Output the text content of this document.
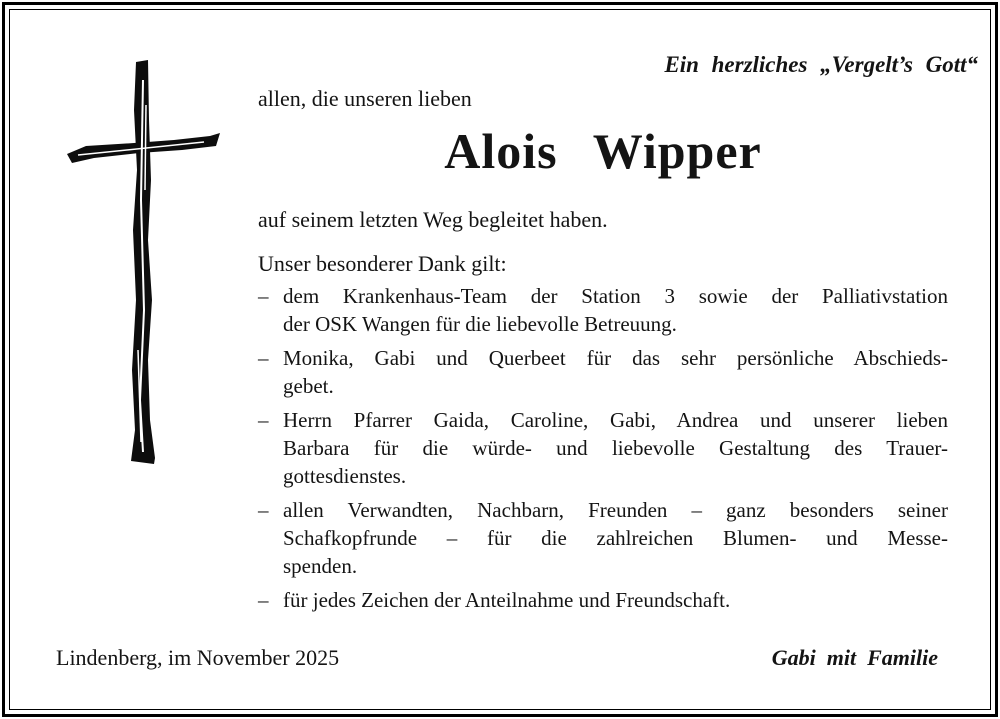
Ein herzliches „Vergelt’s Gott“
allen, die unseren lieben
Alois Wipper
auf seinem letzten Weg begleitet haben.
Unser besonderer Dank gilt:
– dem Krankenhaus-Team der Station 3 sowie der Palliativstation
der OSK Wangen für die liebevolle Betreuung.
– Monika, Gabi und Querbeet für das sehr persönliche Abschieds-
gebet.
– Herrn Pfarrer Gaida, Caroline, Gabi, Andrea und unserer lieben
Barbara für die würde- und liebevolle Gestaltung des Trauer-
gottesdienstes.
– allen Verwandten, Nachbarn, Freunden – ganz besonders seiner
Schafkopfrunde – für die zahlreichen Blumen- und Messe-
spenden.
– für jedes Zeichen der Anteilnahme und Freundschaft.
Lindenberg, im November 2025	Gabi mit Familie
